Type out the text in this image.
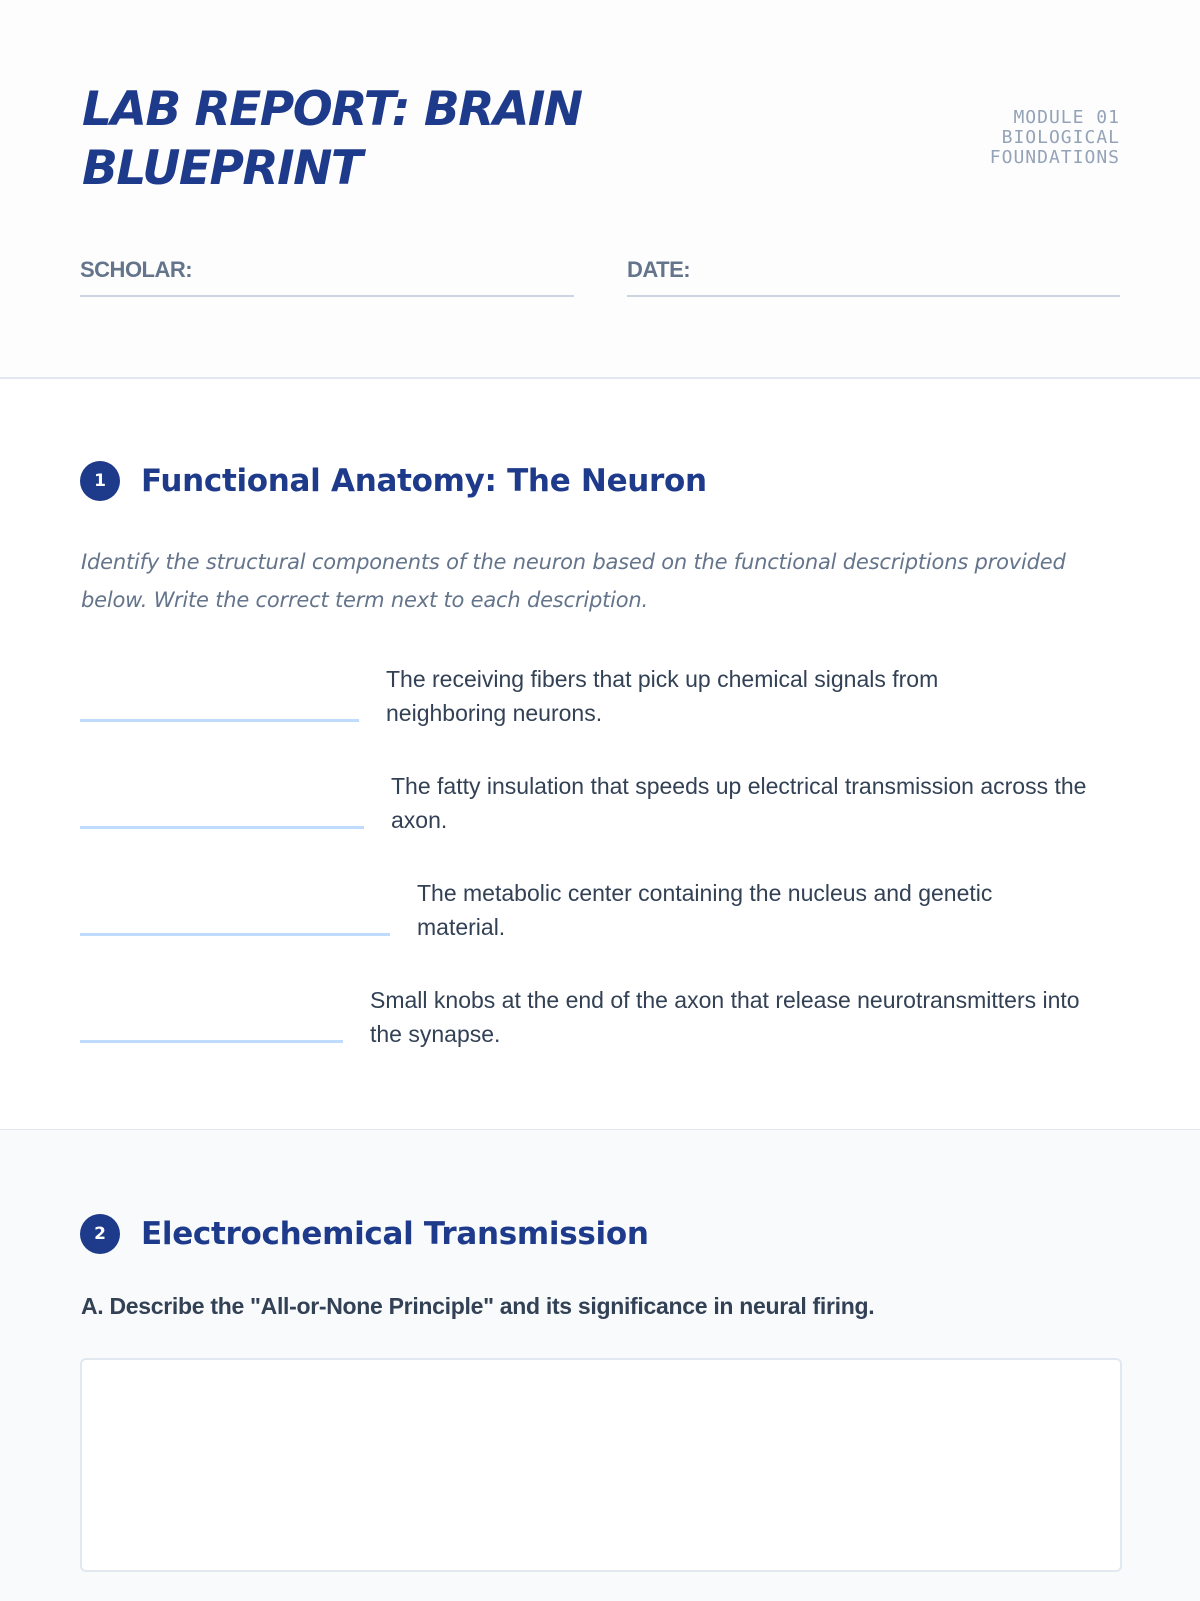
LAB REPORT: BRAIN BLUEPRINT
MODULE 01
BIOLOGICAL
FOUNDATIONS
SCHOLAR:	DATE:
1	Functional Anatomy: The Neuron

Identify the structural components of the neuron based on the functional descriptions provided below. Write the correct term next to each description.

The receiving fibers that pick up chemical signals from neighboring neurons.

The fatty insulation that speeds up electrical transmission across the axon.

The metabolic center containing the nucleus and genetic material.

Small knobs at the end of the axon that release neurotransmitters into the synapse.

2	Electrochemical Transmission

A. Describe the "All-or-None Principle" and its significance in neural firing.
